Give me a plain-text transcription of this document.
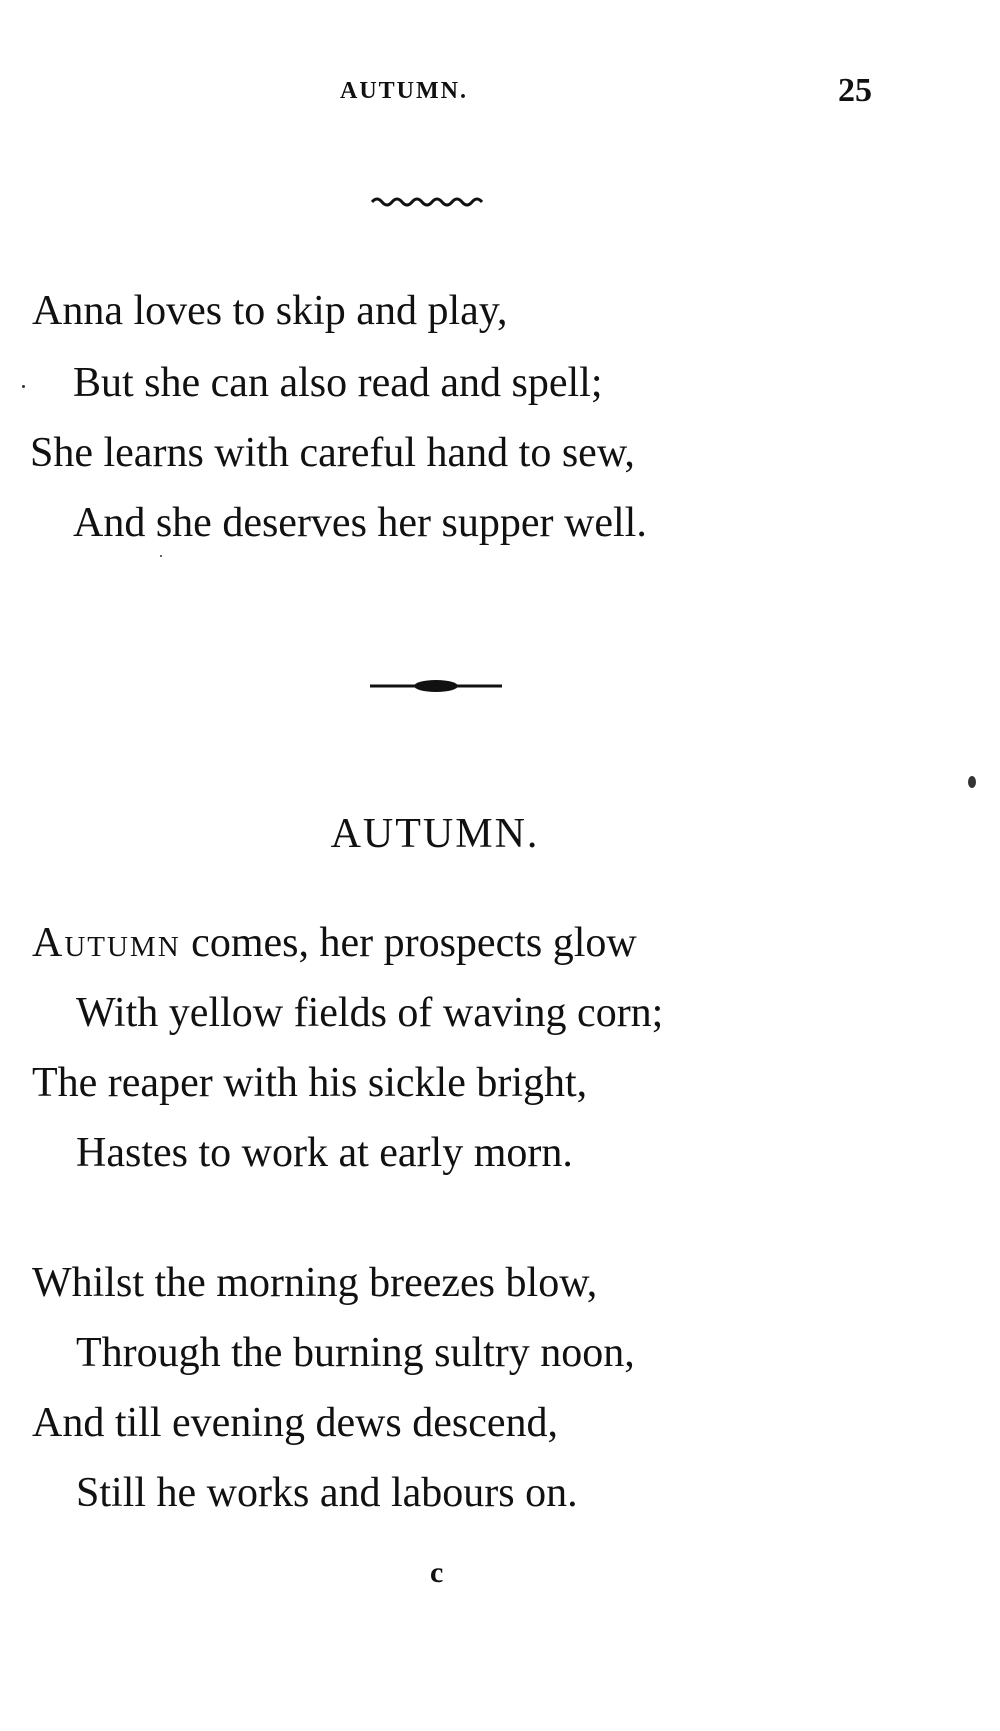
AUTUMN.	25
Anna loves to skip and play,
But she can also read and spell;
She learns with careful hand to sew,
And she deserves her supper well.
AUTUMN.
Autumn comes, her prospects glow
With yellow fields of waving corn;
The reaper with his sickle bright,
Hastes to work at early morn.
Whilst the morning breezes blow,
Through the burning sultry noon,
And till evening dews descend,
Still he works and labours on.
c
